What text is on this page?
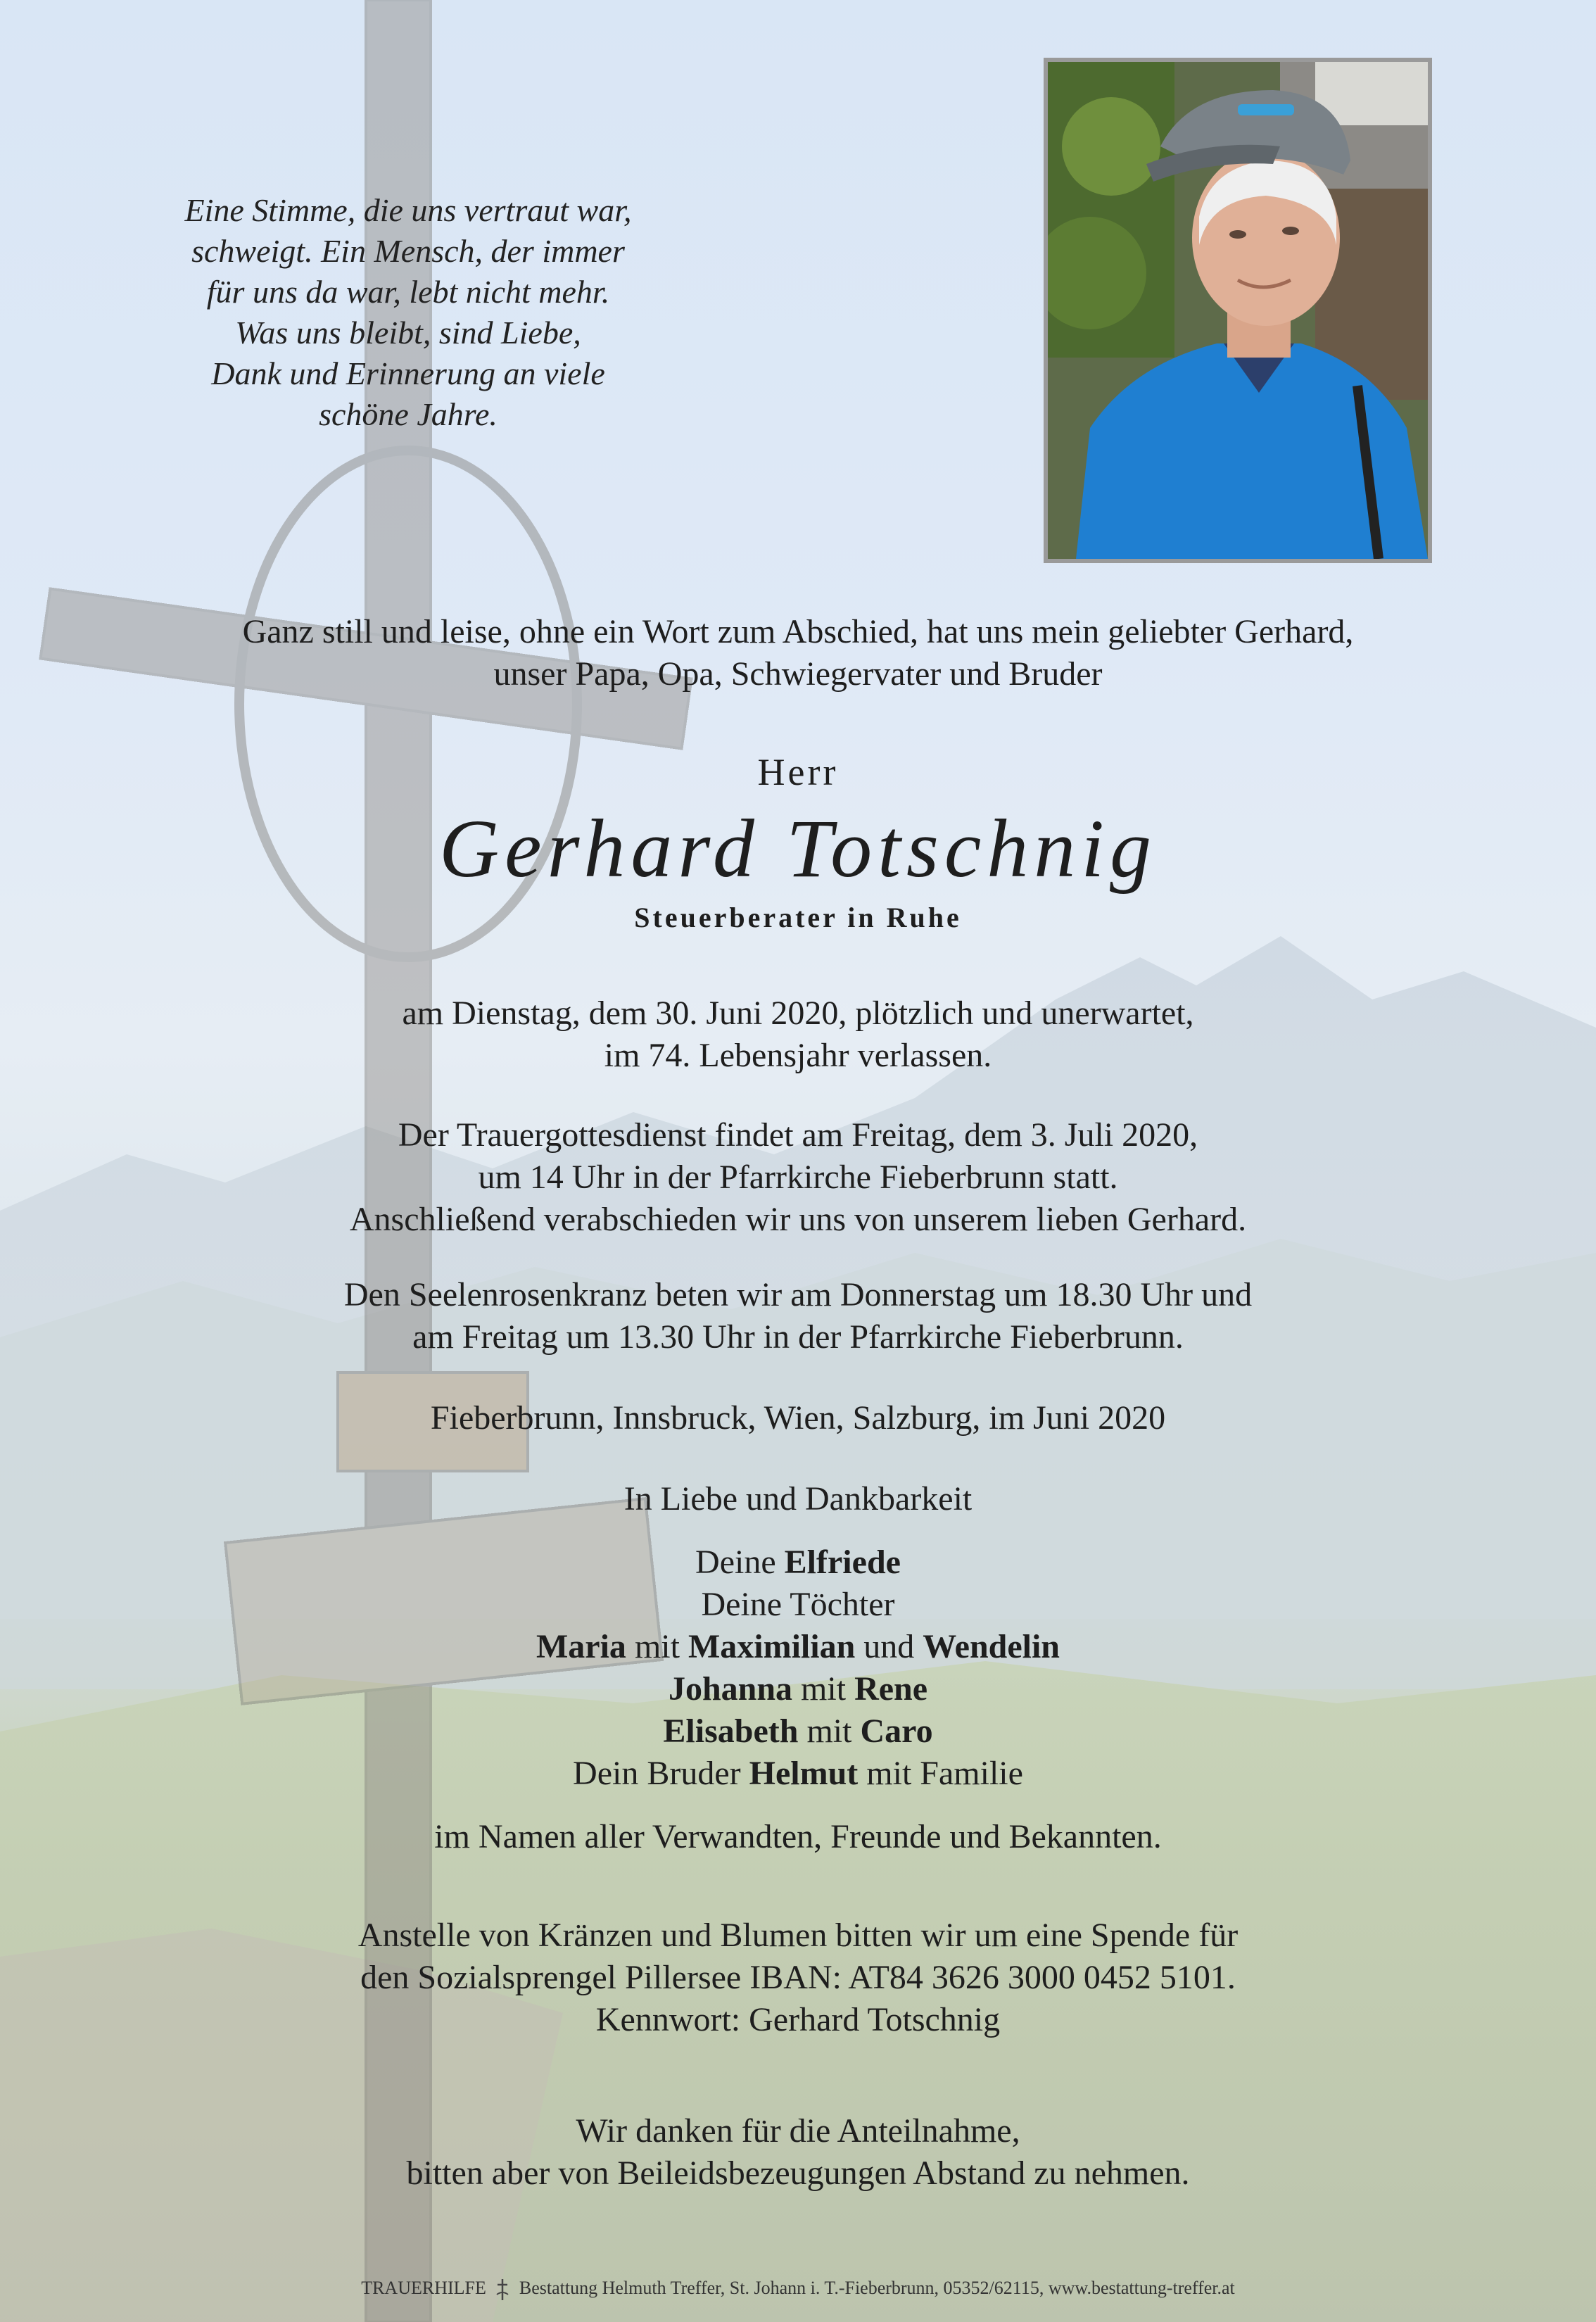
Eine Stimme, die uns vertraut war,
schweigt. Ein Mensch, der immer
für uns da war, lebt nicht mehr.
Was uns bleibt, sind Liebe,
Dank und Erinnerung an viele
schöne Jahre.
Ganz still und leise, ohne ein Wort zum Abschied, hat uns mein geliebter Gerhard,
unser Papa, Opa, Schwiegervater und Bruder
Herr
Gerhard Totschnig
Steuerberater in Ruhe
am Dienstag, dem 30. Juni 2020, plötzlich und unerwartet,
im 74. Lebensjahr verlassen.
Der Trauergottesdienst findet am Freitag, dem 3. Juli 2020,
um 14 Uhr in der Pfarrkirche Fieberbrunn statt.
Anschließend verabschieden wir uns von unserem lieben Gerhard.
Den Seelenrosenkranz beten wir am Donnerstag um 18.30 Uhr und
am Freitag um 13.30 Uhr in der Pfarrkirche Fieberbrunn.
Fieberbrunn, Innsbruck, Wien, Salzburg, im Juni 2020
In Liebe und Dankbarkeit
Deine Elfriede
Deine Töchter
Maria mit Maximilian und Wendelin
Johanna mit Rene
Elisabeth mit Caro
Dein Bruder Helmut mit Familie
im Namen aller Verwandten, Freunde und Bekannten.
Anstelle von Kränzen und Blumen bitten wir um eine Spende für
den Sozialsprengel Pillersee IBAN: AT84 3626 3000 0452 5101.
Kennwort: Gerhard Totschnig
Wir danken für die Anteilnahme,
bitten aber von Beileidsbezeugungen Abstand zu nehmen.
TRAUERHILFE Bestattung Helmuth Treffer, St. Johann i. T.-Fieberbrunn, 05352/62115, www.bestattung-treffer.at
